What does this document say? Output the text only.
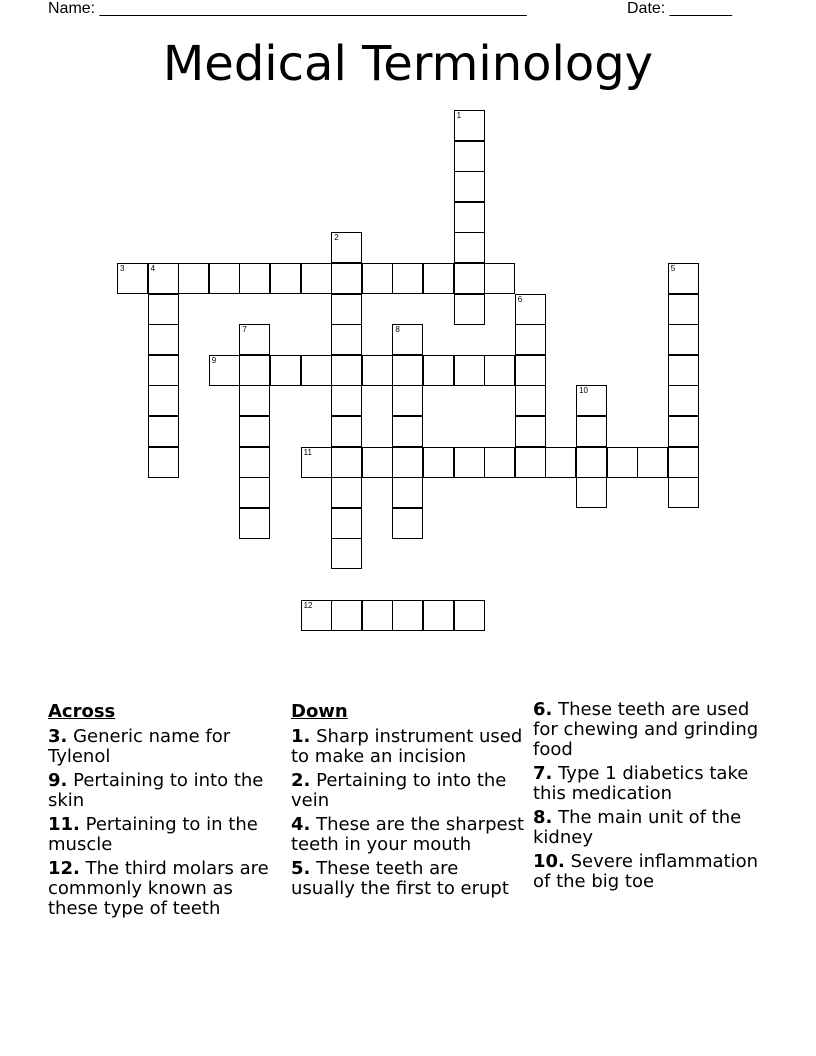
Name: ________________________________________________	Date: _______
Medical Terminology
1
2
3	4	5
6
7	8
9
10
11
12
Across
3. Generic name for Tylenol
9. Pertaining to into the skin
11. Pertaining to in the muscle
12. The third molars are commonly known as these type of teeth
Down
1. Sharp instrument used to make an incision
2. Pertaining to into the vein
4. These are the sharpest teeth in your mouth
5. These teeth are usually the first to erupt
6. These teeth are used for chewing and grinding food
7. Type 1 diabetics take this medication
8. The main unit of the kidney
10. Severe inflammation of the big toe
